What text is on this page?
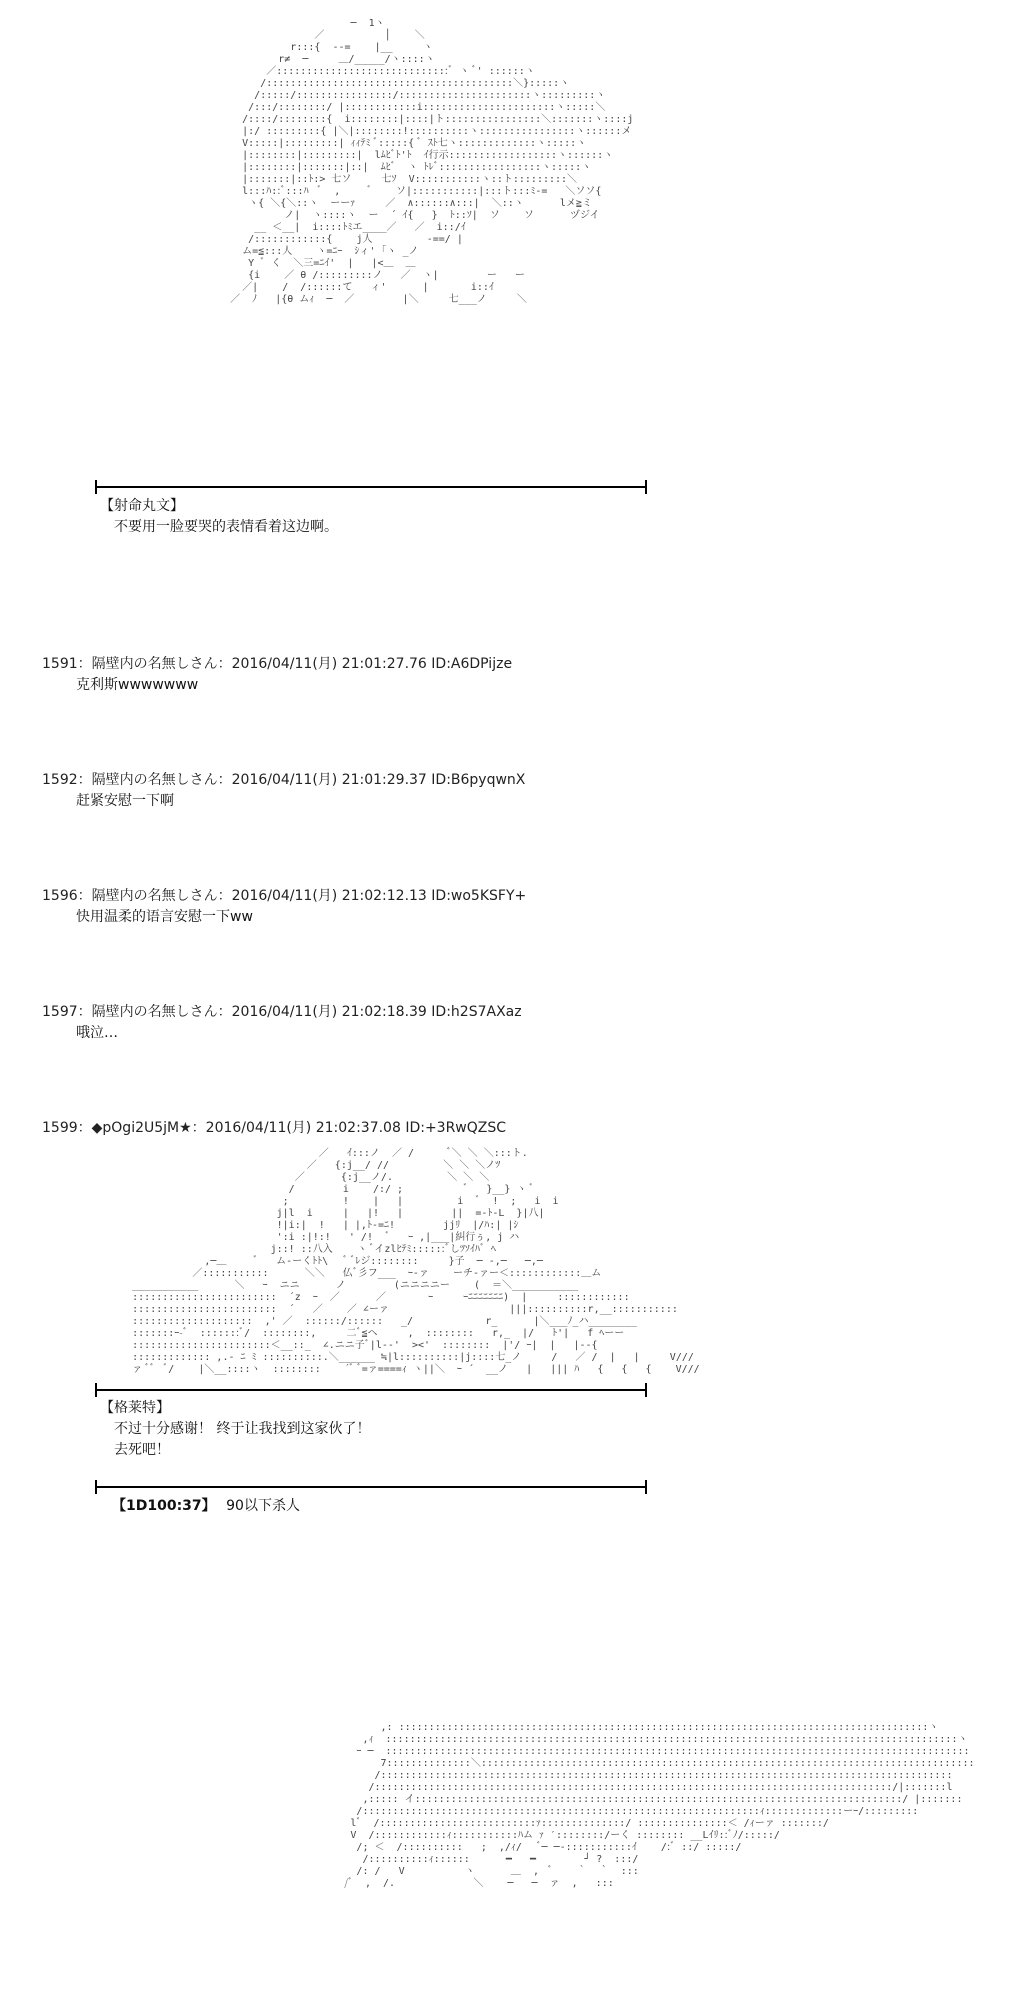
─  1ヽ
／          │    ＼
r:::{  --=    |__     ヽ
r≠  ─     ＿/_____/ヽ::::ヽ
／:::::::::::::::::::::::::::::ﾞ ヽ ﾞ' ::::::ヽ
/:::::::::::::::::::::::::::::::::::::::::＼}:::::ヽ
/:::::/::::::::::::::::/::::::::::::::::::::::ヽ:::::::::ヽ
/:::/::::::::/ |::::::::::::i::::::::::::::::::::::ヽ:::::＼
/::::/::::::::{  i::::::::|::::|ト::::::::::::::::＼:::::::ヽ::::j
|:/ :::::::::{ |＼|::::::::!::::::::::ヽ::::::::::::::::ヽ::::::メ
V:::::|:::::::::| ｨｨﾃﾐ ﾞ:::::{ ﾞ ｽﾄ七ヽ:::::::::::::ヽ:::::ヽ
|::::::::|:::::::::|  lﾑﾋﾞﾄ'ﾄ  ｲ行示::::::::::::::::::ヽ::::::ヽ
|::::::::|:::::::|::|  ﾑﾋﾞ  ヽ ﾄﾚﾞ:::::::::::::::::ヽ:::::ヽ
|:::::::|::ﾄ:> 七ソ     七ｿ  V:::::::::::ヽ::ト:::::::::＼
l:::ﾊ::ﾞ:::ﾊ  ﾞ  ,     ﾞ    ソ|:::::::::::|:::ト:::ﾐ-=   ＼ソソ{
ヽ{ ＼{＼::ヽ  ーーｧ     ／  ∧::::::∧:::|  ＼::ヽ      lメ≧ミ
ノ|  ヽ::::ヽ  ー  ´ ｲ{   }  ﾄ::ｿ|  ソ    ソ      ヅジイ
__ ＜__|  i::::ﾄﾐエ____／   ／  i::/ｲ
/::::::::::::{    j人         -==/ |
ム=≦:::人    ヽ=ﾆｰ  ｼィ' ｢ヽ _ノ
Y ﾞ く  ＼三=ﾆｲ'  |   |<＿  ＿
{i    ／ θ /:::::::::ノ   ／  ヽ|        ー   ー
／|    /  /::::::て   ィ'      |       i::ｲ
／  ﾉ   |{θ ムｨ  ─  ／        |＼     七___ノ     ＼
【射命丸文】
不要用一脸要哭的表情看着这边啊。
1591：隔壁内の名無しさん：2016/04/11(月) 21:01:27.76 ID:A6DPijze
克利斯wwwwwww
1592：隔壁内の名無しさん：2016/04/11(月) 21:01:29.37 ID:B6pyqwnX
赶紧安慰一下啊
1596：隔壁内の名無しさん：2016/04/11(月) 21:02:12.13 ID:wo5KSFY+
快用温柔的语言安慰一下ww
1597：隔壁内の名無しさん：2016/04/11(月) 21:02:18.39 ID:h2S7AXaz
哦泣…
1599：◆pOgi2U5jM★：2016/04/11(月) 21:02:37.08 ID:+3RwQZSC
／   ｲ:::ノ  ／ /      ﾞ＼ ＼ ＼:::ト.
／   {:j__/ //         ＼ ＼ ＼ノﾂ
／      {:j__ノ/.         ＼ ＼ ＼
/        i    /:/ ;          ﾞ   }__} ヽ ﾞ
;         !    |   |         i  ﾞ  !  ;   i  i
j|l  i     |   |!   |        ||  =-ﾄ-L  }|八|
!|i:|  !   | |,ﾄ-=ﾆ!        jjﾘ  |/ﾊ:| |ｼ
':i :|!:!   ' /!  ﾞ   ｰ ,|___|糾行ぅ, j ハ
j::! ::八入    ヽ ﾞイzlﾋﾃﾐ::::::ﾞしﾂｿｲﾊﾞ ﾍ
,─＿     ﾞ   ム-ーくﾄﾄ\   ﾞ ﾞﾚジ::::::::     }子  ─ ‐,─   ─,─
／:::::::::::      ＼＼   仏ﾞ彡フ___  ｰ-ァ    ーチ-ァー＜::::::::::::＿ム
___________      ＼   ｰ  ニニ      ノ        (ニニニニー    (  ＝＼___________
::::::::::::::::::::::::  ´z  ｰ  ／      ／       ｰ     ｰﾆﾆﾆﾆﾆﾆﾆ)  |     ::::::::::::
::::::::::::::::::::::::  ´   ／    ／ ∠ーァ                    |||::::::::::r,__:::::::::::
::::::::::::::::::::  ,' ／  ::::::/::::::   _/            r_      |＼___ﾉ_ハ________
:::::::ｰ-ﾞ  :::::::ﾞ/  ::::::::,     二ﾞ≦ヘ     ,  ::::::::   r,_  |/   ﾄ'|   f ﾍーー
:::::::::::::::::::::::＜__::_  ∠.ニニ子ﾞ|l--'  ><'  ::::::::  |'/ ｰ|  |   |--{
::::::::::::: ,.- ﾆ ﾐ ::::::::::.＼______ ≒|l::::::::::|j::::七_ノ     /   ／ /  |   |     V///
ァ ﾞﾞ  ﾞ/    |＼__::::ヽ  ::::::::    ´ﾞ ﾞ=ァ====ｨ ヽ||＼  ｰ ´  __ノ   |   ||| ﾊ   {   {   {    V///
【格莱特】
不过十分感谢！ 终于让我找到这家伙了！
去死吧！
【1D100:37】 90以下杀人
,: ::::::::::::::::::::::::::::::::::::::::::::::::::::::::::::::::::::::::::::::::::::::::ヽ
,ｨ  :::::::::::::::::::::::::::::::::::::::::::::::::::::::::::::::::::::::::::::::::::::::::::::::ヽ
ｰ ─  :::::::::::::::::::::::::::::::::::::::::::::::::::::::::::::::::::::::::::::::::::::::::::::::::
7::::::::::::::＼::::::::::::::::::::::::::::::::::::::::::::::::::::::::::::::::::::::::::::::::::
/:::::::::::::::::::::::::::::::::::::::::::::::::::::::::::::::::::::::::::::::::::::::::::::::
/::::::::::::::::::::::::::::::::::::::::::::::::::::::::::::::::::::::::::::::::::::::/|:::::::l
,::::: イ:::::::::::::::::::::::::::::::::::::::::::::::::::::::::::::::::::::::::::::::::/ |:::::::
/::::::::::::::::::::::::::::::::::::::::::::::::::::::::::::::::::ｨ:::::::::::::ーｰ/:::::::::
lﾞ  /::::::::::::::::::::::::::ｧ::::::::::::::/ :::::::::::::::＜ /ｨーァ :::::::/
V  /::::::::::::ｨ:::::::::::ﾊム ｧ ′::::::::/ーく :::::::: __Lｲﾘ::ﾞﾉ/:::::/
/; ＜  /::::::::::   ;  ,/ｨ/   ﾞ─ ─-:::::::::::ｲ    /:ﾞ ::/ :::::/
/::::::::::ｨ::::::      ━   ━        ┘ ?  :::/
/: /   V          ヽ      ＿  ,  ﾞ    ｀  ｀  :::
/ﾞ  ,  /.             ＼    ─   ─  ァ  ,   :::
